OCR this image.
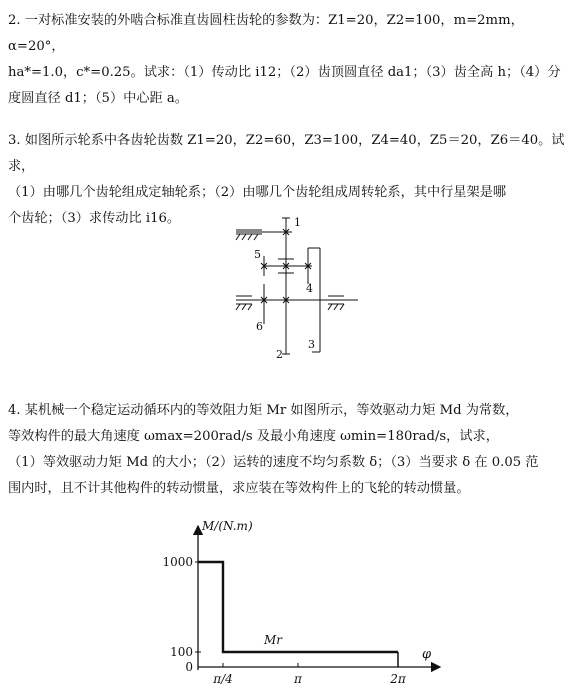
2. 一对标准安装的外啮合标准直齿圆柱齿轮的参数为：Z1=20，Z2=100，m=2mm，α=20°，
ha*=1.0，c*=0.25。试求：（1）传动比 i12；（2）齿顶圆直径 da1；（3）齿全高 h；（4）分
度圆直径 d1；（5）中心距 a。
3. 如图所示轮系中各齿轮齿数 Z1=20，Z2=60，Z3=100，Z4=40，Z5＝20，Z6＝40。试求，
（1）由哪几个齿轮组成定轴轮系；（2）由哪几个齿轮组成周转轮系，其中行星架是哪
个齿轮；（3）求传动比 i16。	1
5
4
6
2
3
4. 某机械一个稳定运动循环内的等效阻力矩 Mr 如图所示，等效驱动力矩 Md 为常数，
等效构件的最大角速度 ωmax=200rad/s 及最小角速度 ωmin=180rad/s，试求，
（1）等效驱动力矩 Md 的大小；（2）运转的速度不均匀系数 δ；（3）当要求 δ 在 0.05 范
围内时，且不计其他构件的转动惯量，求应装在等效构件上的飞轮的转动惯量。
M/(N.m)
φ
Mr
1000
100
0
π/4	π	2π
